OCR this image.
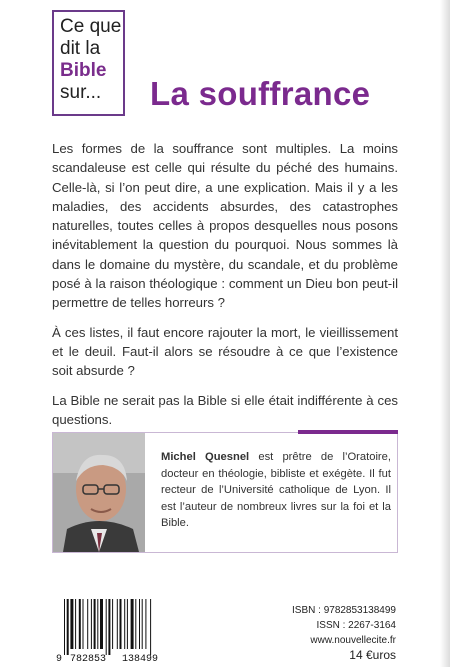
Ce que
dit la
Bible
sur...	La souffrance

Les formes de la souffrance sont multiples. La moins scandaleuse est celle qui résulte du péché des humains. Celle-là, si l’on peut dire, a une explication. Mais il y a les maladies, des accidents absurdes, des catastrophes naturelles, toutes celles à propos desquelles nous posons inévitablement la question du pourquoi. Nous sommes là dans le domaine du mystère, du scandale, et du problème posé à la raison théologique : comment un Dieu bon peut-il permettre de telles horreurs ?

À ces listes, il faut encore rajouter la mort, le vieillissement et le deuil. Faut-il alors se résoudre à ce que l’existence soit absurde ?

La Bible ne serait pas la Bible si elle était indifférente à ces questions.

Michel Quesnel est prêtre de l’Oratoire, docteur en théologie, bibliste et exégète. Il fut recteur de l’Université catholique de Lyon. Il est l’auteur de nombreux livres sur la foi et la Bible.
9 782853 138499
ISBN : 9782853138499
ISSN : 2267-3164
www.nouvellecite.fr
14 €uros
